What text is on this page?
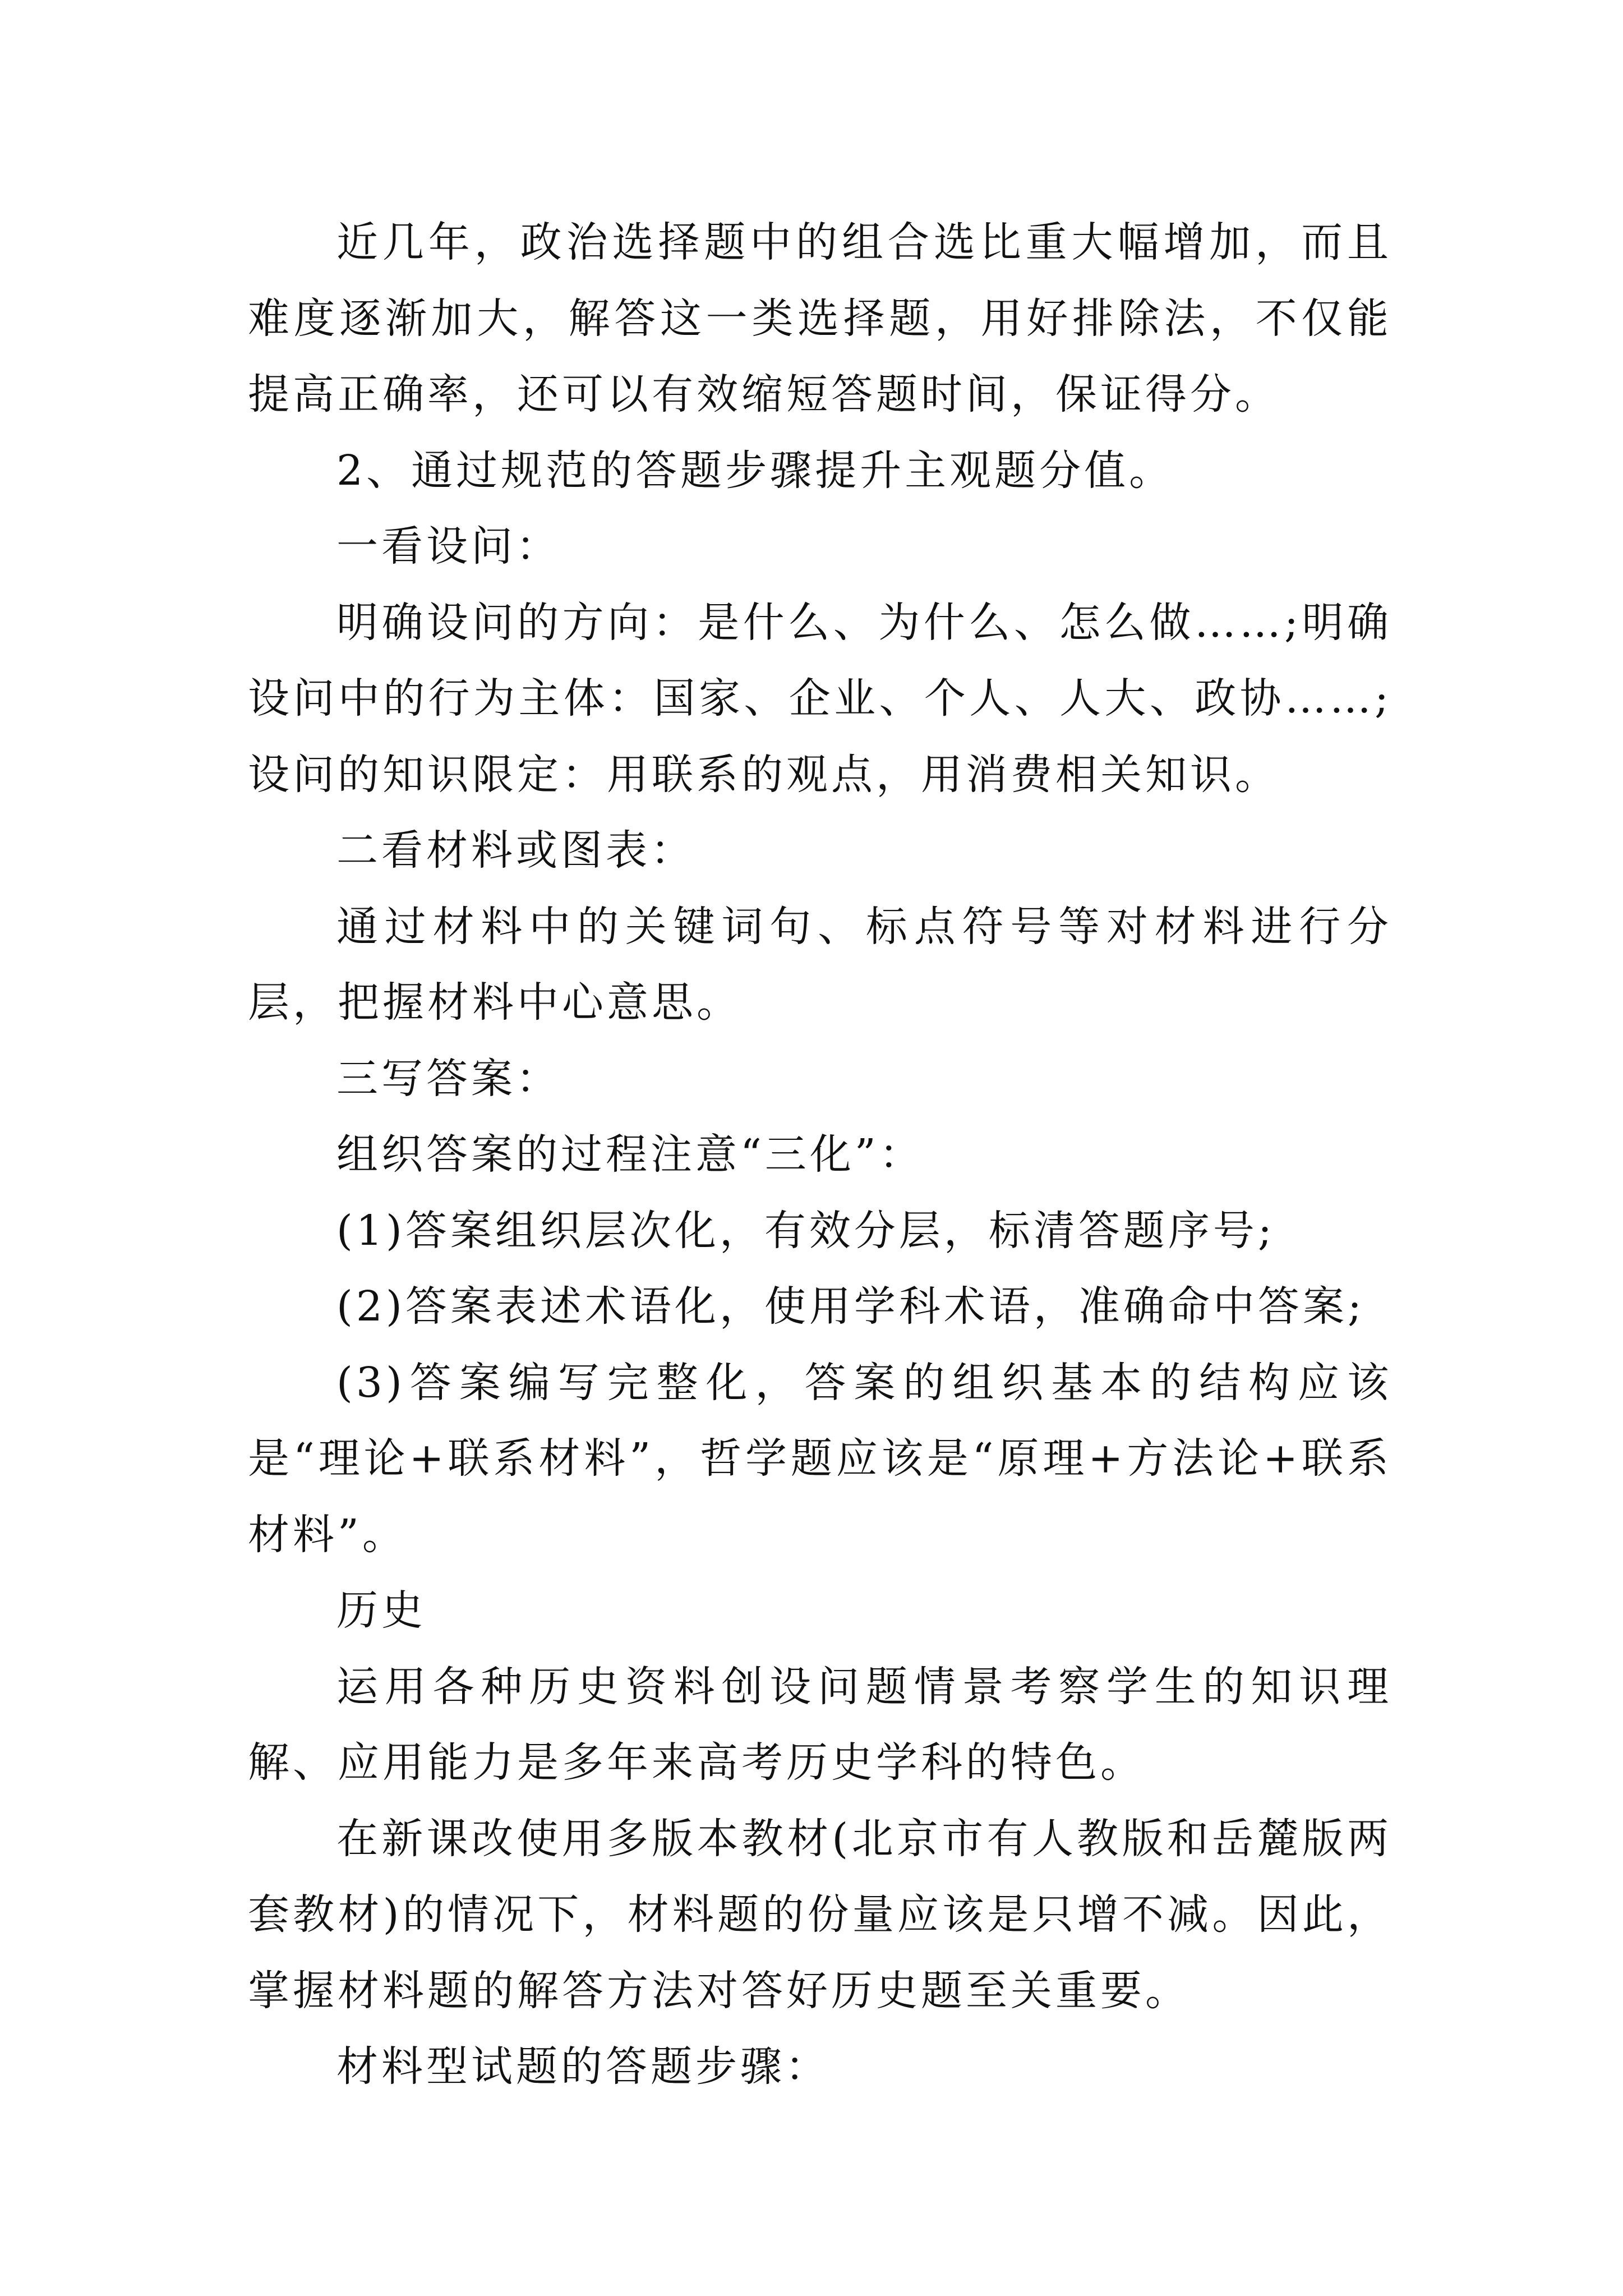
近几年，政治选择题中的组合选比重大幅增加，而且难度逐渐加大，解答这一类选择题，用好排除法，不仅能提高正确率，还可以有效缩短答题时间，保证得分。

2、通过规范的答题步骤提升主观题分值。

一看设问：

明确设问的方向：是什么、为什么、怎么做……;明确设问中的行为主体：国家、企业、个人、人大、政协……;设问的知识限定：用联系的观点，用消费相关知识。

二看材料或图表：

通过材料中的关键词句、标点符号等对材料进行分层，把握材料中心意思。

三写答案：

组织答案的过程注意“三化”：

(1)答案组织层次化，有效分层，标清答题序号;

(2)答案表述术语化，使用学科术语，准确命中答案;

(3)答案编写完整化，答案的组织基本的结构应该是“理论+联系材料”，哲学题应该是“原理+方法论+联系材料”。

历史

运用各种历史资料创设问题情景考察学生的知识理解、应用能力是多年来高考历史学科的特色。

在新课改使用多版本教材(北京市有人教版和岳麓版两套教材)的情况下，材料题的份量应该是只增不减。因此，掌握材料题的解答方法对答好历史题至关重要。

材料型试题的答题步骤：
